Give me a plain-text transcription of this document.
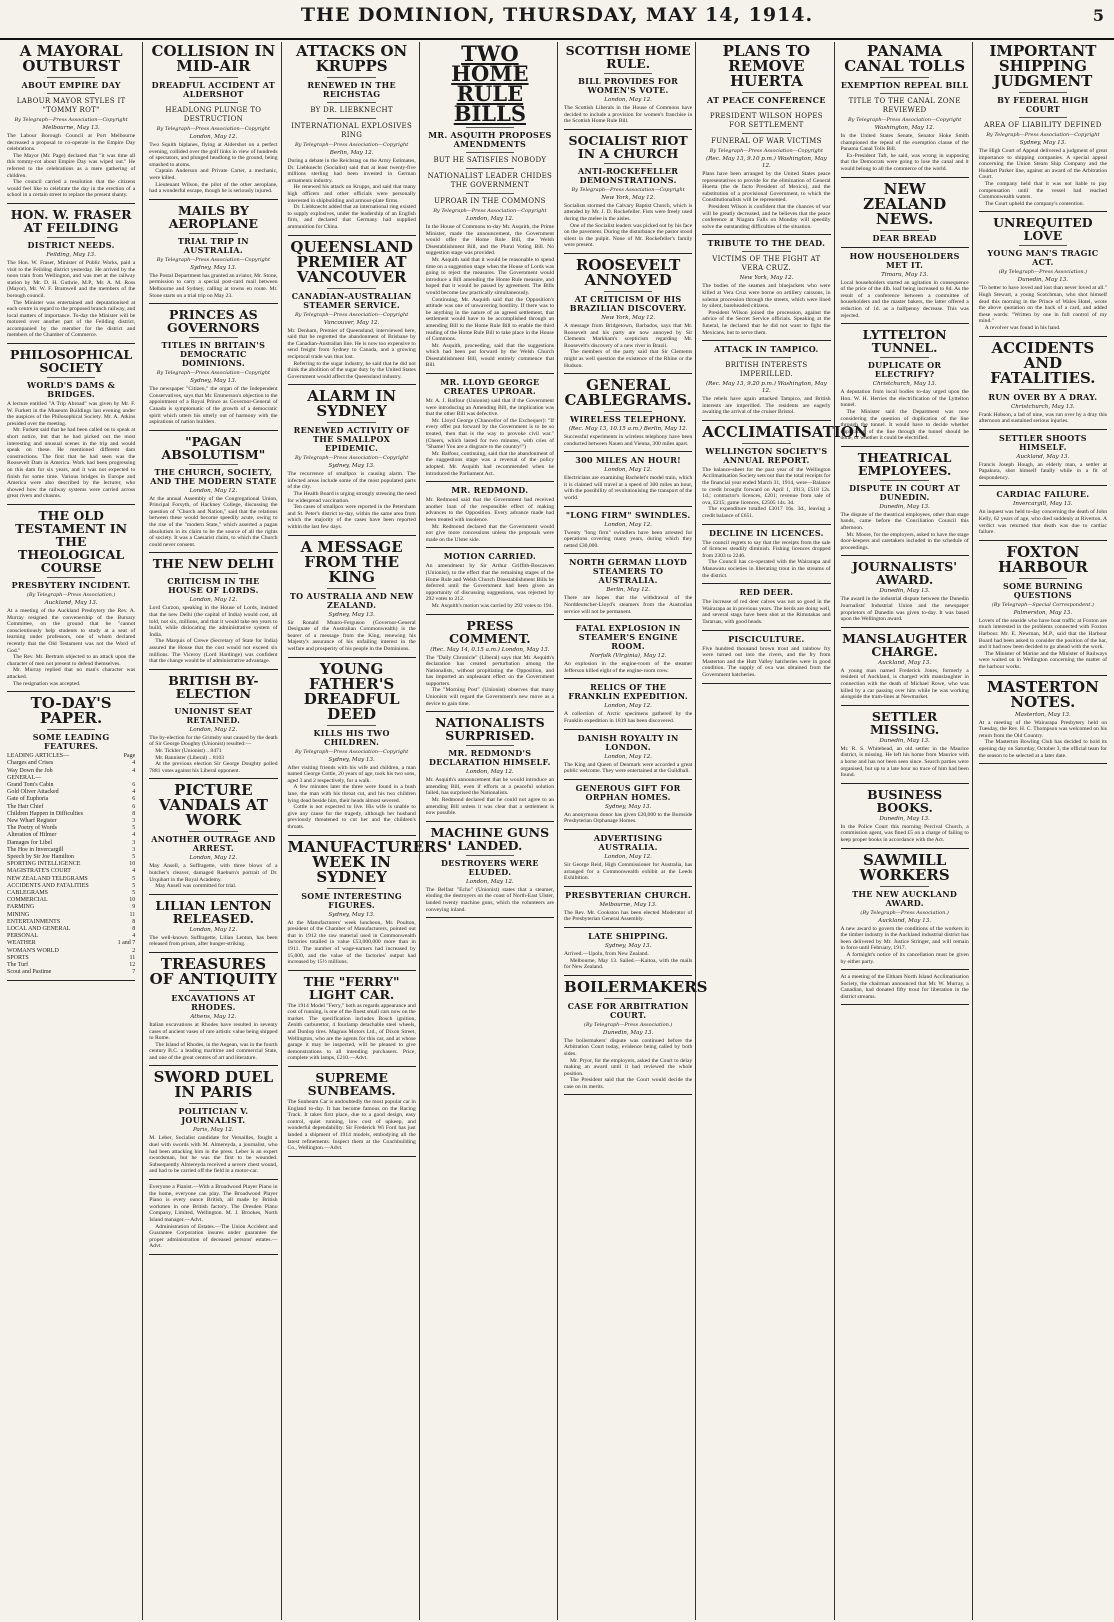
THE DOMINION, THURSDAY, MAY 14, 1914.	5
A MAYORAL OUTBURST
ABOUT EMPIRE DAY
LABOUR MAYOR STYLES IT "TOMMY ROT"
By Telegraph—Press Association—Copyright
Melbourne, May 13.

The Labour Borough Council at Port Melbourne decreased a proposal to co-operate in the Empire Day celebrations.

The Mayor (Mr. Page) declared that "it was time all this tommy-rot about Empire Day was wiped out." He referred to the celebrations as a mere gathering of children.

The council carried a resolution that the citizens would feel like to celebrate the day in the erection of a school in a certain street to replace the present shanty.

HON. W. FRASER AT FEILDING
DISTRICT NEEDS.
Feilding, May 13.

The Hon. W. Fraser, Minister of Public Works, paid a visit to the Feilding district yesterday. He arrived by the noon train from Wellington, and was met at the railway station by Mr. D. H. Guthrie, M.P., Mr. A. M. Ross (Mayor), Mr. W. F. Bramwell and the members of the borough council.

The Minister was entertained and deputationised at each centre in regard to the proposed branch railway, and local matters of importance. To-day the Minister will be motored over another part of the Feilding district, accompanied by the member for the district and members of the Chamber of Commerce.

PHILOSOPHICAL SOCIETY
WORLD'S DAMS & BRIDGES.

A lecture entitled "A Trip Abroad" was given by Mr. F. W. Furkett in the Museum Buildings last evening under the auspices of the Philosophical Society. Mr. A. Atkins presided over the meeting.

Mr. Furkett said that he had been called on to speak at short notice, but that he had picked out the most interesting and unusual scenes in the trip and would speak on these. He mentioned different dam constructions. The first that he had seen was the Roosevelt Dam in America. Work had been progressing on this dam for six years, and it was not expected to finish for some time. Various bridges in Europe and America were also described by the lecturer, who showed how the railway systems were carried across great rivers and chasms.

THE OLD TESTAMENT IN THE THEOLOGICAL COURSE
PRESBYTERY INCIDENT.
(By Telegraph—Press Association.)
Auckland, May 13.

At a meeting of the Auckland Presbytery the Rev. A. Murray resigned the convenership of the Bursary Committee, on the ground that he "cannot conscientiously help students to study at a seat of learning under professors, one of whom declared recently that the Old Testament was not the Word of God."

The Rev. Mr. Bertram objected to an attack upon the character of men not present to defend themselves.

Mr. Murray replied that no man's character was attacked.

The resignation was accepted.

TO-DAY'S PAPER.
SOME LEADING FEATURES.
LEADING ARTICLES—	Page
Charges and Crises	4
Way Down the Job	4
GENERAL—
Grand Tom's Cabin	6
Gold Oliver Attacked	4
Gate of Euphoria	6
The Hair Chief	6
Children Happen in Difficulties	8
New Wharf Register	3
The Poetry of Words	5
Alteration of Hilmer	4
Damages for Libel	3
The Hoe in Invercargill	3
Speech by Sir Joe Hamilton	5
SPORTING INTELLIGENCE	10
MAGISTRATE'S COURT	4
NEW ZEALAND TELEGRAMS	5
ACCIDENTS AND FATALITIES	5
CABLEGRAMS	5
COMMERCIAL	10
FARMING	9
MINING	11
ENTERTAINMENTS	8
LOCAL AND GENERAL	8
PERSONAL	4
WEATHER	1 and 7
WOMAN'S WORLD	2
SPORTS	11
The Turf	12
Scout and Pastime	7
COLLISION IN MID-AIR
DREADFUL ACCIDENT AT ALDERSHOT
HEADLONG PLUNGE TO DESTRUCTION
By Telegraph—Press Association—Copyright
London, May 12.

Two Squith biplanes, flying at Aldershot on a perfect evening, collided over the golf links in view of hundreds of spectators, and plunged headlong to the ground, being smashed to atoms.

Captain Anderson and Private Carter, a mechanic, were killed.

Lieutenant Wilson, the pilot of the other aeroplane, had a wonderful escape, though he is seriously injured.

MAILS BY AEROPLANE
TRIAL TRIP IN AUSTRALIA.
By Telegraph—Press Association—Copyright
Sydney, May 13.

The Postal Department has granted an aviator, Mr. Stone, permission to carry a special post-card mail between Melbourne and Sydney, calling at towns en route. Mr. Stone starts on a trial trip on May 23.

PRINCES AS GOVERNORS
TITLES IN BRITAIN'S DEMOCRATIC DOMINIONS.
By Telegraph—Press Association—Copyright
Sydney, May 13.

The newspaper "Citizen," the organ of the Independent Conservatives, says that Mr. Emmerson's objection to the appointment of a Royal Prince as Governor-General of Canada is symptomatic of the growth of a democratic spirit which utters his utterly out of harmony with the aspirations of nation builders.

"PAGAN ABSOLUTISM"
THE CHURCH, SOCIETY, AND THE MODERN STATE
London, May 12.

At the annual Assembly of the Congregational Union, Principal Forsyth, of Hackney College, discussing the question of "Church and Nation," said that the relations between these would become speedily acute, owing to the rise of the "modern State," which asserted a pagan absolutism in its claim to be the source of all the rights of society. It was a Caesarist claim, to which the Church could never consent.

THE NEW DELHI
CRITICISM IN THE HOUSE OF LORDS.
London, May 12.

Lord Curzon, speaking in the House of Lords, insisted that the new Delhi (the capital of India) would cost, all told, not six, millions, and that it would take ten years to build, while dislocating the administrative system of India.

The Marquis of Crewe (Secretary of State for India) assured the House that the cost would not exceed six millions. The Viceroy (Lord Hardinge) was confident that the change would be of administrative advantage.

BRITISH BY-ELECTION
UNIONIST SEAT RETAINED.
London, May 12.

The by-election for the Grimsby seat caused by the death of Sir George Doughty (Unionist) resulted:—

Mr. Tickler (Unionist) .. 8471

Mr. Bannister (Liberal) .. 8103

At the previous election Sir George Doughty polled 7881 votes against his Liberal opponent.

PICTURE VANDALS AT WORK
ANOTHER OUTRAGE AND ARREST.
London, May 12.

May Ansell, a Suffragette, with three blows of a butcher's cleaver, damaged Raeburn's portrait of Dr. Urquhart in the Royal Academy.

May Ansell was committed for trial.

LILIAN LENTON RELEASED.
London, May 12.

The well-known Suffragette, Lilian Lenton, has been released from prison, after hunger-striking.

TREASURES OF ANTIQUITY
EXCAVATIONS AT RHODES.
Athens, May 12.

Italian excavations at Rhodes have resulted in seventy cases of ancient vases of rare artistic value being shipped to Rome.

The Island of Rhodes, in the Aegean, was in the fourth century B.C. a leading maritime and commercial State, and one of the great centres of art and literature.

SWORD DUEL IN PARIS
POLITICIAN V. JOURNALIST.
Paris, May 12.

M. Leber, Socialist candidate for Versailles, fought a duel with swords with M. Almereyda, a journalist, who had been attacking him in the press. Leber is an expert swordsman, but he was the first to be wounded. Subsequently Almereyda received a severe chest wound, and had to be carried off the field in a motor-car.

Everyone a Pianist.—With a Broadwood Player Piano in the home, everyone can play. The Broadwood Player Piano is every ounce British, all made by British workmen in one British factory. The Dresden Piano Company, Limited, Wellington. M. J. Brookes, North Island manager.—Advt.

Administration of Estates.—The Union Accident and Guarantee Corporation insures under guarantee the proper administration of deceased persons' estates.—Advt.

ATTACKS ON KRUPPS
RENEWED IN THE REICHSTAG
BY DR. LIEBKNECHT
INTERNATIONAL EXPLOSIVES RING
By Telegraph—Press Association—Copyright
Berlin, May 12.

During a debate in the Reichstag on the Army Estimates, Dr. Liebknecht (Socialist) said that at least twenty-five millions sterling had been invested in German armaments industry.

He renewed his attack on Krupps, and said that many high officers and other officials were personally interested in shipbuilding and armour-plate firms.

Dr. Liebknecht added that an international ring existed to supply explosives, under the leadership of an English firm, and declared that Germany had supplied ammunition for China.

QUEENSLAND PREMIER AT VANCOUVER
CANADIAN-AUSTRALIAN STEAMER SERVICE.
By Telegraph—Press Association—Copyright
Vancouver, May 12.

Mr. Denham, Premier of Queensland, interviewed here, said that he regretted the abandonment of Brisbane by the Canadian-Australian line. He is now too expensive to send freight from Sydney to Canada, and a growing reciprocal trade was thus lost.

Referring to the sugar industry, he said that he did not think the abolition of the sugar duty by the United States Government would affect the Queensland industry.

ALARM IN SYDNEY
RENEWED ACTIVITY OF THE SMALLPOX EPIDEMIC.
By Telegraph—Press Association—Copyright
Sydney, May 13.

The recurrence of smallpox is causing alarm. The infected areas include some of the most populated parts of the city.

The Health Board is urging strongly stressing the need for widespread vaccination.

Ten cases of smallpox were reported in the Petersham and St. Peter's district to-day, within the same area from which the majority of the cases have been reported within the last few days.

A MESSAGE FROM THE KING
TO AUSTRALIA AND NEW ZEALAND.
Sydney, May 13.

Sir Ronald Munro-Ferguson (Governor-General Designate of the Australian Commonwealth) is the bearer of a message from the King, renewing his Majesty's assurance of his unfailing interest in the welfare and prosperity of his people in the Dominions.

YOUNG FATHER'S DREADFUL DEED
KILLS HIS TWO CHILDREN.
By Telegraph—Press Association—Copyright
Sydney, May 13.

After visiting friends with his wife and children, a man named George Cottle, 20 years of age, took his two sons, aged 3 and 2 respectively, for a walk.

A few minutes later the three were found in a bush lane, the man with his throat cut, and his two children lying dead beside him, their heads almost severed.

Cottle is not expected to live. His wife is unable to give any cause for the tragedy, although her husband previously threatened to cut her and the children's throats.

MANUFACTURERS' WEEK IN SYDNEY
SOME INTERESTING FIGURES.
Sydney, May 13.

At the Manufacturers' week luncheon, Mr. Poulton, president of the Chamber of Manufacturers, pointed out that in 1912 the raw material used in Commonwealth factories totalled in value £53,000,000 more than in 1911. The number of wage-earners had increased by 15,000, and the value of the factories' output had increased by 15½ millions.

THE "FERRY" LIGHT CAR.

The 1914 Model "Ferry," both as regards appearance and cost of running, is one of the finest small cars now on the market. The specification includes Bosch ignition, Zenith carburettor, 4 fourlamp detachable steel wheels, and Dunlop tires. Magnus Motors Ltd., of Dixon Street, Wellington, who are the agents for this car, and at whose garage it may be inspected, will be pleased to give demonstrations to all intending purchasers. Price, complete with lamps, £210.—Advt.

SUPREME SUNBEAMS.

The Sunbeam Car is undoubtedly the most popular car in England to-day. It has become famous on the Racing Track. It takes first place, due to a good design, easy control, quiet running, low cost of upkeep, and wonderful dependability. Sir Frederick Wi Ford has just landed a shipment of 1914 models, embodying all the latest refinements. Inspect them at the Coachbuilding Co., Wellington.—Advt.

TWO HOME RULE BILLS
MR. ASQUITH PROPOSES AMENDMENTS
BUT HE SATISFIES NOBODY
NATIONALIST LEADER CHIDES THE GOVERNMENT
UPROAR IN THE COMMONS
By Telegraph—Press Association—Copyright
London, May 12.

In the House of Commons to-day Mr. Asquith, the Prime Minister, made the announcement, the Government would offer the Home Rule Bill, the Welsh Disestablishment Bill, and the Plural Voting Bill. No suggestion stage was provided.

Mr. Asquith said that it would be reasonable to spend time on a suggestion stage when the House of Lords was going to reject the measures. The Government would introduce a Bill amending the Home Rule measure, and hoped that it would be passed by agreement. The Bills would become law practically simultaneously.

Continuing, Mr. Asquith said that the Opposition's attitude was one of unwavering hostility. If there was to be anything in the nature of an agreed settlement, that settlement would have to be accomplished through an amending Bill to the Home Rule Bill to enable the third reading of the Home Rule Bill to take place in the House of Commons.

Mr. Asquith, proceeding, said that the suggestions which had been put forward by the Welsh Church Disestablishment Bill, would entirely commence that Bill.

MR. LLOYD GEORGE CREATES UPROAR.

Mr. A. J. Balfour (Unionist) said that if the Government were introducing an Amending Bill, the implication was that the other Bill was defective.

Mr. Lloyd George (Chancellor of the Exchequer): "If every offer put forward by the Government is to be so treated, then that is the way to provoke civil war." (Cheers, which lasted for two minutes, with cries of "Shame! You are a disgrace to the country!")

Mr. Balfour, continuing, said that the abandonment of the suggestions stage was a reversal of the policy adopted. Mr. Asquith had recommended when he introduced the Parliament Act.

MR. REDMOND.

Mr. Redmond said that the Government had received another loan of the responsible effect of making advances to the Opposition. Every advance made had been treated with insolence.

Mr. Redmond declared that the Government would not give more concessions unless the proposals were made on the Ulster side.

MOTION CARRIED.

An amendment by Sir Arthur Griffith-Boscawen (Unionist), to the effect that the remaining stages of the Home Rule and Welsh Church Disestablishment Bills be deferred until the Government had been given an opportunity of discussing suggestions, was rejected by 292 votes to 212.

Mr. Asquith's motion was carried by 292 votes to 194.

PRESS COMMENT.
(Rec. May 14, 0.15 a.m.) London, May 13.

The "Daily Chronicle" (Liberal) says that Mr. Asquith's declaration has created perturbation among the Nationalists, without propitiating the Opposition, and has imported an unpleasant effect on the Government supporters.

The "Morning Post" (Unionist) observes that many Unionists will regard the Government's new move as a device to gain time.

NATIONALISTS SURPRISED.
MR. REDMOND'S DECLARATION HIMSELF.
London, May 12.

Mr. Asquith's announcement that he would introduce an amending Bill, even if efforts at a peaceful solution failed, has surprised the Nationalists.

Mr. Redmond declared that he could not agree to an amending Bill unless it was clear that a settlement is now possible.

MACHINE GUNS LANDED.
DESTROYERS WERE ELUDED.
London, May 12.

The Belfast "Echo" (Unionist) states that a steamer, eluding the destroyers on the coast of North-East Ulster, landed twenty machine guns, which the volunteers are conveying inland.

SCOTTISH HOME RULE.
BILL PROVIDES FOR WOMEN'S VOTE.
London, May 12.

The Scottish Liberals in the House of Commons have decided to include a provision for women's franchise in the Scottish Home Rule Bill.

SOCIALIST RIOT IN A CHURCH
ANTI-ROCKEFELLER DEMONSTRATIONS.
By Telegraph—Press Association—Copyright
New York, May 12.

Socialists stormed the Calvary Baptist Church, which is attended by Mr. J. D. Rockefeller. Fists were freely used during the melee in the aisles.

One of the Socialist leaders was picked out by his face on the pavement. During the disturbance the pastor stood silent in the pulpit. None of Mr. Rockefeller's family were present.

ROOSEVELT ANNOYED
AT CRITICISM OF HIS BRAZILIAN DISCOVERY.
New York, May 12.

A message from Bridgetown, Barbados, says that Mr. Roosevelt and his party are now annoyed by Sir Clements Markham's scepticism regarding Mr. Roosevelt's discovery of a new river in Brazil.

The members of the party said that Sir Clements might as well question the existence of the Rhine or the Hudson.

GENERAL CABLEGRAMS.
WIRELESS TELEPHONY.
(Rec. May 13, 10.15 a.m.) Berlin, May 12.

Successful experiments in wireless telephony have been conducted between Nauen and Vienna, 300 miles apart.

300 MILES AN HOUR!
London, May 12.

Electricians are examining Bachelet's model train, which it is claimed will travel at a speed of 300 miles an hour, with the possibility of revolutionising the transport of the world.

"LONG FIRM" SWINDLES.
London, May 12.

Twenty "long firm" swindlers have been arrested for operations covering many years, during which they netted £30,000.

NORTH GERMAN LLOYD STEAMERS TO AUSTRALIA.
Berlin, May 12.

There are hopes that the withdrawal of the Norddeutscher-Lloyd's steamers from the Australian service will not be permanent.

FATAL EXPLOSION IN STEAMER'S ENGINE ROOM.
Norfolk (Virginia), May 12.

An explosion in the engine-room of the steamer Jefferson killed eight of the engine-room crew.

RELICS OF THE FRANKLIN EXPEDITION.
London, May 12.

A collection of Arctic specimens gathered by the Franklin expedition in 1819 has been discovered.

DANISH ROYALTY IN LONDON.
London, May 12.

The King and Queen of Denmark were accorded a great public welcome. They were entertained at the Guildhall.

GENEROUS GIFT FOR ORPHAN HOMES.
Sydney, May 13.

An anonymous donor has given £20,000 to the Burnside Presbyterian Orphanage Homes.

ADVERTISING AUSTRALIA.
London, May 12.

Sir George Reid, High Commissioner for Australia, has arranged for a Commonwealth exhibit at the Leeds Exhibition.

PRESBYTERIAN CHURCH.
Melbourne, May 13.

The Rev. Mr. Cookston has been elected Moderator of the Presbyterian General Assembly.

LATE SHIPPING.
Sydney, May 13.

Arrived.—Upolu, from New Zealand.

Melbourne, May 13. Sailed.—Kaitoa, with the mails for New Zealand.

BOILERMAKERS
CASE FOR ARBITRATION COURT.
(By Telegraph—Press Association.)
Dunedin, May 13.

The boilermakers' dispute was continued before the Arbitration Court today, evidence being called by both sides.

Mr. Pryor, for the employers, asked the Court to delay making an award until it had reviewed the whole position.

The President said that the Court would decide the case on its merits.

PLANS TO REMOVE HUERTA
AT PEACE CONFERENCE
PRESIDENT WILSON HOPES FOR SETTLEMENT
FUNERAL OF WAR VICTIMS
By Telegraph—Press Association—Copyright
(Rec. May 13, 9.10 p.m.) Washington, May 12.

Plans have been arranged by the United States peace representatives to provide for the elimination of General Huerta (the de facto President of Mexico), and the substitution of a provisional Government, to which the Constitutionalists will be represented.

President Wilson is confident that the chances of war will be greatly decreased, and he believes that the peace conference at Niagara Falls on Monday will speedily solve the outstanding difficulties of the situation.

TRIBUTE TO THE DEAD.
VICTIMS OF THE FIGHT AT VERA CRUZ.
New York, May 12.

The bodies of the seamen and bluejackets who were killed at Vera Cruz were borne on artillery caissons, in solemn procession through the streets, which were lined by silent, bareheaded citizens.

President Wilson joined the procession, against the advice of the Secret Service officials. Speaking at the funeral, he declared that he did not want to fight the Mexicans, but to serve them.

ATTACK IN TAMPICO.
BRITISH INTERESTS IMPERILLED.
(Rec. May 13, 9.20 p.m.) Washington, May 12.

The rebels have again attacked Tampico, and British interests are imperilled. The residents are eagerly awaiting the arrival of the cruiser Bristol.

ACCLIMATISATION
WELLINGTON SOCIETY'S ANNUAL REPORT.

The balance-sheet for the past year of the Wellington Acclimatisation Society sets out that the total receipts for the financial year ended March 31, 1914, were—Balance to credit brought forward on April 1, 1913, £518 12s. 1d.; contractor's licences, £201; revenue from sale of ova, £215; game licences, £2505 14s. 3d.

The expenditure totalled £3017 16s. 3d., leaving a credit balance of £651.

DECLINE IN LICENCES.

The council regrets to say that the receipts from the sale of licences steadily diminish. Fishing licences dropped from 2303 to 2246.

The Council has co-operated with the Wairarapa and Manawatu societies in liberating trout in the streams of the district.

RED DEER.

The increase of red deer calves was not so good in the Wairarapa as in previous years. The herds are doing well, and several stags have been shot at the Rimutakas and Tararuas, with good heads.

PISCICULTURE.

Five hundred thousand brown trout and rainbow fry were turned out into the rivers, and the fry from Masterton and the Hutt Valley hatcheries were in good condition. The supply of ova was obtained from the Government hatcheries.

PANAMA CANAL TOLLS
EXEMPTION REPEAL BILL
TITLE TO THE CANAL ZONE REVIEWED
By Telegraph—Press Association—Copyright
Washington, May 12.

In the United States Senate, Senator Hoke Smith championed the repeal of the exemption clause of the Panama Canal Tolls Bill.

Ex-President Taft, he said, was wrong in supposing that the Democrats were going to lose the canal and it would belong to all the commerce of the world.

NEW ZEALAND NEWS.
DEAR BREAD
HOW HOUSEHOLDERS MET IT.
Timaru, May 13.

Local householders started an agitation in consequence of the price of the 4lb. loaf being increased to 8d. As the result of a conference between a committee of householders and the master bakers, the latter offered a reduction of 1d. as a halfpenny decrease. This was rejected.

LYTTELTON TUNNEL.
DUPLICATE OR ELECTRIFY?
Christchurch, May 13.

A deputation from local bodies to-day urged upon the Hon. W. H. Herries the electrification of the Lyttelton tunnel.

The Minister said the Department was now considering the question of duplication of the line through the tunnel. It would have to decide whether duplication of the line through the tunnel should be done, or whether it could be electrified.

THEATRICAL EMPLOYEES.
DISPUTE IN COURT AT DUNEDIN.
Dunedin, May 13.

The dispute of the theatrical employees, other than stage hands, came before the Conciliation Council this afternoon.

Mr. Moore, for the employers, asked to have the stage door-keepers and caretakers included in the schedule of proceedings.

JOURNALISTS' AWARD.
Dunedin, May 13.

The award in the industrial dispute between the Dunedin Journalists' Industrial Union and the newspaper proprietors of Dunedin was given to-day. It was based upon the Wellington award.

MANSLAUGHTER CHARGE.
Auckland, May 13.

A young man named Frederick Jones, formerly a resident of Auckland, is charged with manslaughter in connection with the death of Michael Rowe, who was killed by a car passing over him while he was working alongside the tram-lines at Newmarket.

SETTLER MISSING.
Dunedin, May 13.

Mr. R. S. Whitehead, an old settler in the Maurice district, is missing. He left his home from Maurice with a horse and has not been seen since. Search parties were organised, but up to a late hour no trace of him had been found.

BUSINESS BOOKS.
Dunedin, May 13.

In the Police Court this morning Percival Church, a commission agent, was fined £5 on a charge of failing to keep proper books in accordance with the Act.

SAWMILL WORKERS
THE NEW AUCKLAND AWARD.
(By Telegraph—Press Association.)
Auckland, May 13.

A new award to govern the conditions of the workers in the timber industry in the Auckland industrial district has been delivered by Mr. Justice Stringer, and will remain in force until February, 1917.

A fortnight's notice of its cancellation must be given by either party.

At a meeting of the Eltham North Island Acclimatisation Society, the chairman announced that Mr. W. Murray, a Canadian, had donated fifty trout for liberation in the district streams.

IMPORTANT SHIPPING JUDGMENT
BY FEDERAL HIGH COURT
AREA OF LIABILITY DEFINED
By Telegraph—Press Association—Copyright
Sydney, May 13.

The High Court of Appeal delivered a judgment of great importance to shipping companies. A special appeal concerning the Union Steam Ship Company and the Huddart Parker line, against an award of the Arbitration Court.

The company held that it was not liable to pay compensation until the vessel had reached Commonwealth waters.

The Court upheld the company's contention.

UNREQUITED LOVE
YOUNG MAN'S TRAGIC ACT.
(By Telegraph—Press Association.)
Dunedin, May 13.

"To better to have loved and lost than never loved at all." Hugh Stewart, a young Scotchman, who shot himself dead this morning in the Prince of Wales Hotel, wrote the above quotation on the back of a card, and added these words: "Written by one in full control of my mind."

A revolver was found in his hand.

ACCIDENTS AND FATALITIES.
RUN OVER BY A DRAY.
Christchurch, May 13.

Frank Hobson, a lad of nine, was run over by a dray this afternoon and sustained serious injuries.

SETTLER SHOOTS HIMSELF.
Auckland, May 13.

Francis Joseph Hough, an elderly man, a settler at Papakura, shot himself fatally while in a fit of despondency.

CARDIAC FAILURE.
Invercargill, May 13.

An inquest was held to-day concerning the death of John Kelly, 62 years of age, who died suddenly at Riverton. A verdict was returned that death was due to cardiac failure.

FOXTON HARBOUR
SOME BURNING QUESTIONS
(By Telegraph—Special Correspondent.)
Palmerston, May 13.

Lovers of the seaside who have boat traffic at Foxton are much interested in the problems connected with Foxton Harbour. Mr. E. Newman, M.P., said that the Harbour Board had been asked to consider the position of the bar, and it had now been decided to go ahead with the work.

The Minister of Marine and the Minister of Railways were waited on in Wellington concerning the matter of the harbour works.

MASTERTON NOTES.
Masterton, May 13.

At a meeting of the Wairarapa Presbytery held on Tuesday, the Rev. H. C. Thompson was welcomed on his return from the Old Country.

The Masterton Bowling Club has decided to hold its opening day on Saturday, October 3, the official team for the season to be selected at a later date.
